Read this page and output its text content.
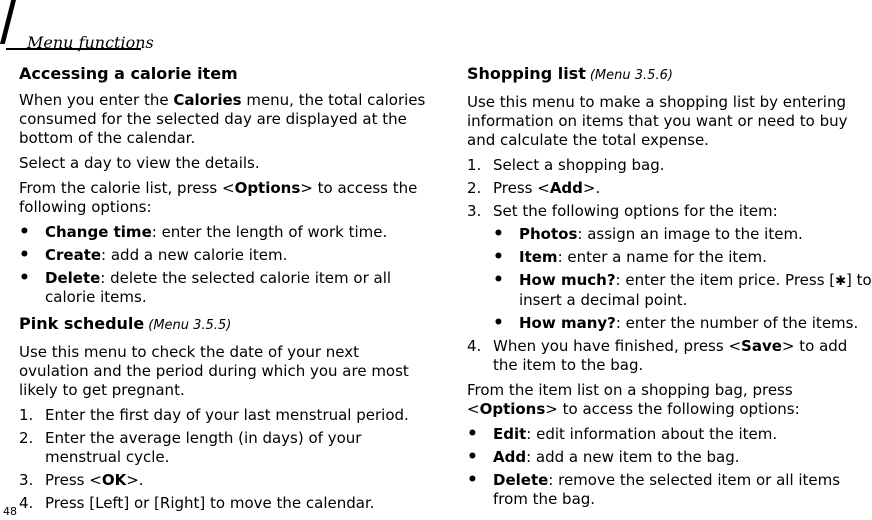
Menu functions
48
Accessing a calorie item

When you enter the Calories menu, the total calories consumed for the selected day are displayed at the bottom of the calendar.

Select a day to view the details.

From the calorie list, press <Options> to access the following options:

• Change time: enter the length of work time.
• Create: add a new calorie item.
• Delete: delete the selected calorie item or all calorie items.
Pink schedule (Menu 3.5.5)

Use this menu to check the date of your next ovulation and the period during which you are most likely to get pregnant.

1. Enter the first day of your last menstrual period.
2. Enter the average length (in days) of your menstrual cycle.
3. Press <OK>.
4. Press [Left] or [Right] to move the calendar.
Shopping list (Menu 3.5.6)

Use this menu to make a shopping list by entering information on items that you want or need to buy and calculate the total expense.

1. Select a shopping bag.
2. Press <Add>.
3. Set the following options for the item:
• Photos: assign an image to the item.
• Item: enter a name for the item.
• How much?: enter the item price. Press [✱] to insert a decimal point.
• How many?: enter the number of the items.
4. When you have finished, press <Save> to add the item to the bag.

From the item list on a shopping bag, press <Options> to access the following options:

• Edit: edit information about the item.
• Add: add a new item to the bag.
• Delete: remove the selected item or all items from the bag.
